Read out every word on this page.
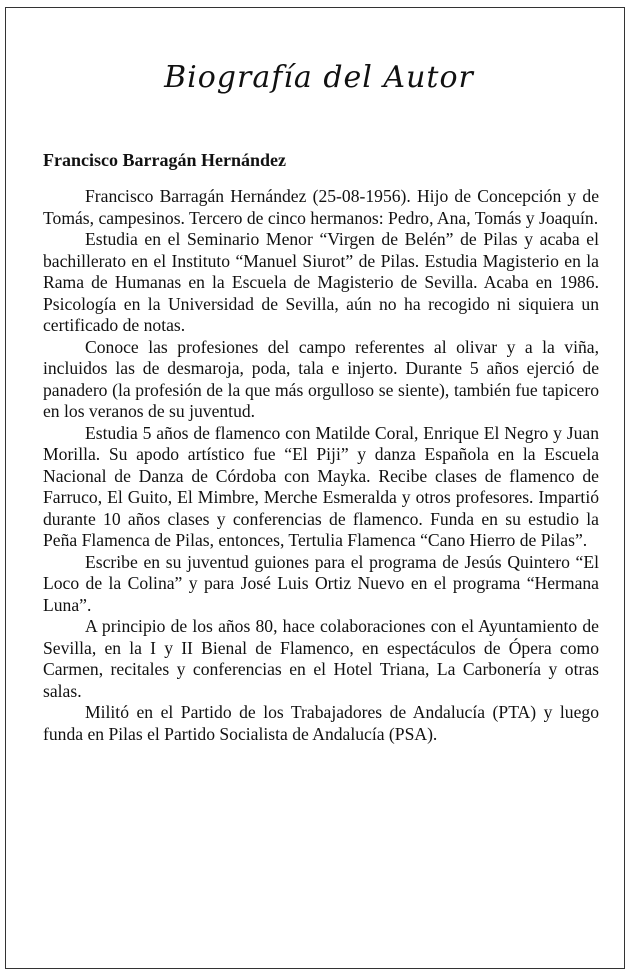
Biografía del Autor
Francisco Barragán Hernández

Francisco Barragán Hernández (25-08-1956). Hijo de Concepción y de Tomás, campesinos. Tercero de cinco hermanos: Pedro, Ana, Tomás y Joaquín.

Estudia en el Seminario Menor “Virgen de Belén” de Pilas y acaba el bachillerato en el Instituto “Manuel Siurot” de Pilas. Estudia Magisterio en la Rama de Humanas en la Escuela de Magisterio de Sevilla. Acaba en 1986. Psicología en la Universidad de Sevilla, aún no ha recogido ni siquiera un certificado de notas.

Conoce las profesiones del campo referentes al olivar y a la viña, incluidos las de desmaroja, poda, tala e injerto. Durante 5 años ejerció de panadero (la profesión de la que más orgulloso se siente), también fue tapicero en los veranos de su juventud.

Estudia 5 años de flamenco con Matilde Coral, Enrique El Negro y Juan Morilla. Su apodo artístico fue “El Piji” y danza Española en la Escuela Nacional de Danza de Córdoba con Mayka. Recibe clases de flamenco de Farruco, El Guito, El Mimbre, Merche Esmeralda y otros profesores. Impartió durante 10 años clases y conferencias de flamenco. Funda en su estudio la Peña Flamenca de Pilas, entonces, Tertulia Flamenca “Cano Hierro de Pilas”.

Escribe en su juventud guiones para el programa de Jesús Quintero “El Loco de la Colina” y para José Luis Ortiz Nuevo en el programa “Hermana Luna”.

A principio de los años 80, hace colaboraciones con el Ayuntamiento de Sevilla, en la I y II Bienal de Flamenco, en espectáculos de Ópera como Carmen, recitales y conferencias en el Hotel Triana, La Carbonería y otras salas.

Militó en el Partido de los Trabajadores de Andalucía (PTA) y luego funda en Pilas el Partido Socialista de Andalucía (PSA).
